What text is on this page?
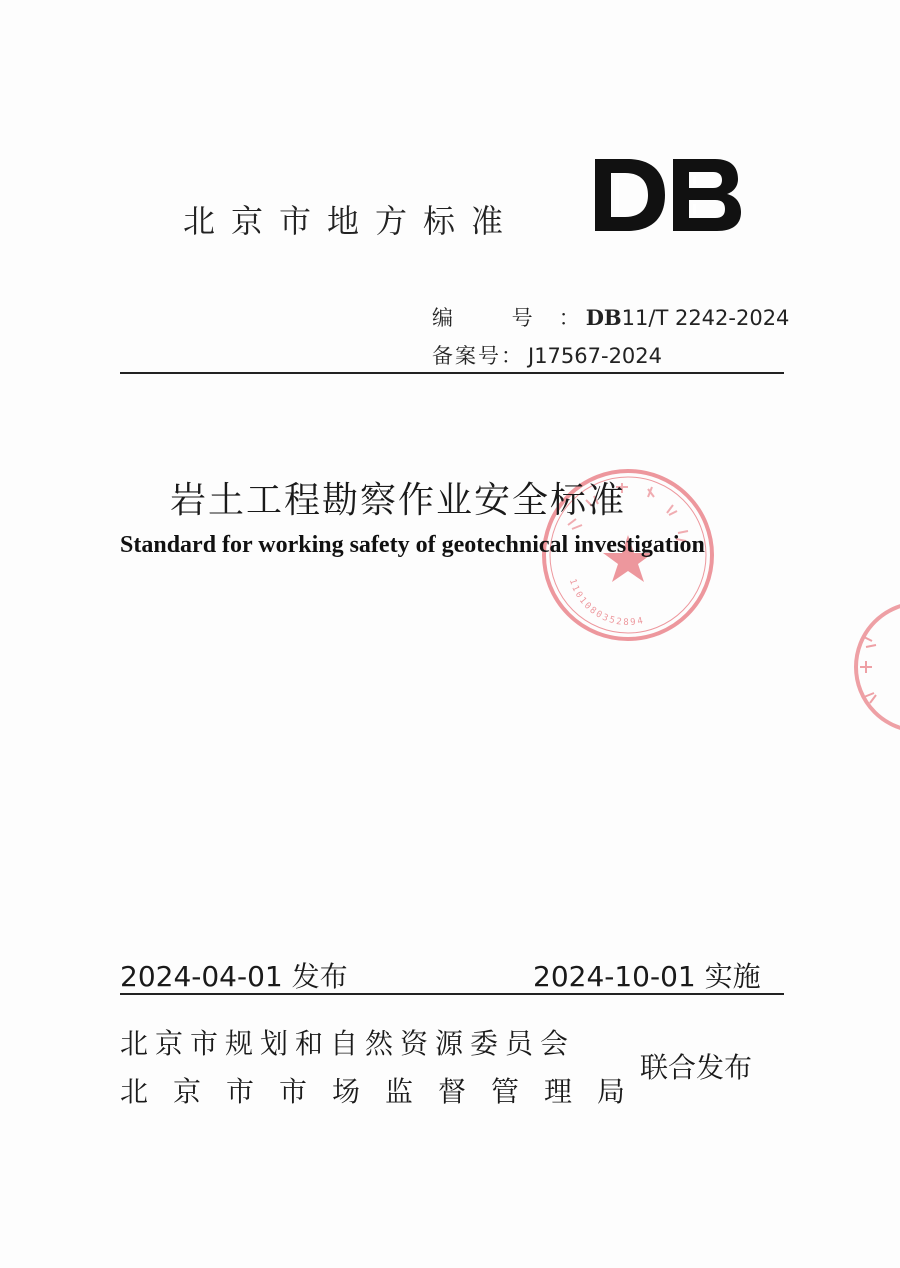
北京市地方标准
DB
编 号： DB11/T 2242-2024
备案号： J17567-2024
1101080352894
岩土工程勘察作业安全标准
Standard for working safety of geotechnical investigation
2024-04-01 发布	2024-10-01 实施
北京市规划和自然资源委员会
北京市市场监督管理局
联合发布
